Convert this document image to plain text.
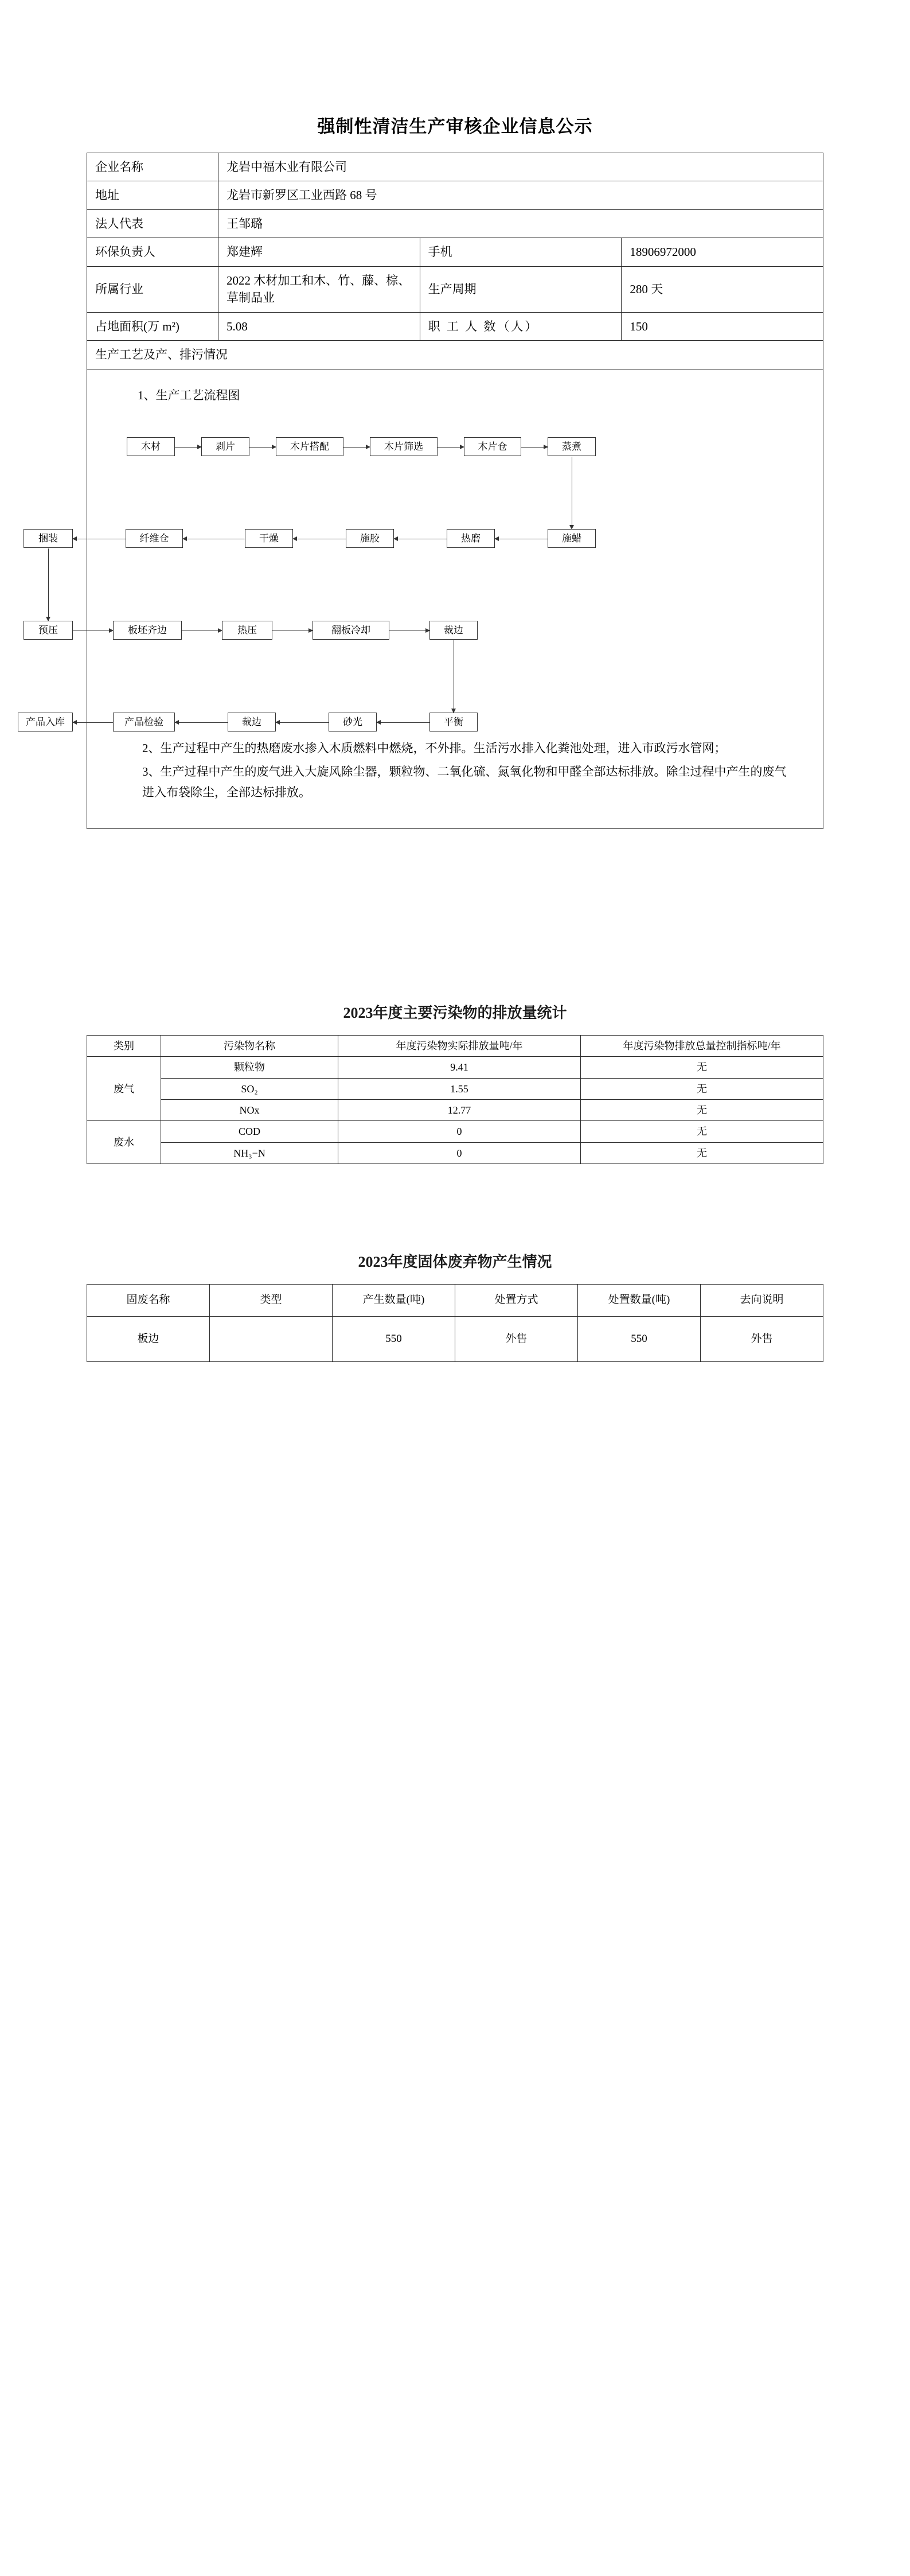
强制性清洁生产审核企业信息公示
企业名称	龙岩中福木业有限公司		
地址	龙岩市新罗区工业西路 68 号		
法人代表	王邹璐		
环保负责人	郑建辉	手机	18906972000
所属行业	2022 木材加工和木、竹、藤、棕、草制品业	生产周期	280 天
占地面积(万 m²)	5.08	职 工 人 数（人）	150
生产工艺及产、排污情况			

1、生产工艺流程图
木材	剥片	木片搭配	木片筛选	木片仓	蒸煮
施蜡
热磨
施胶
干燥
纤维仓
捆装
预压	板坯齐边	热压	翻板冷却	裁边
平衡
砂光
裁边
产品检验
产品入库

2、生产过程中产生的热磨废水掺入木质燃料中燃烧，不外排。生活污水排入化粪池处理，进入市政污水管网；

3、生产过程中产生的废气进入大旋风除尘器，颗粒物、二氧化硫、氮氧化物和甲醛全部达标排放。除尘过程中产生的废气进入布袋除尘，全部达标排放。

2023年度主要污染物的排放量统计
类别	污染物名称	年度污染物实际排放量吨/年	年度污染物排放总量控制指标吨/年
废气	颗粒物	9.41	无
	SO₂	1.55	无
	NOx	12.77	无
废水	COD	0	无
	NH₃−N	0	无
2023年度固体废弃物产生情况
固废名称	类型	产生数量(吨)	处置方式	处置数量(吨)	去向说明
板边		550	外售	550	外售
